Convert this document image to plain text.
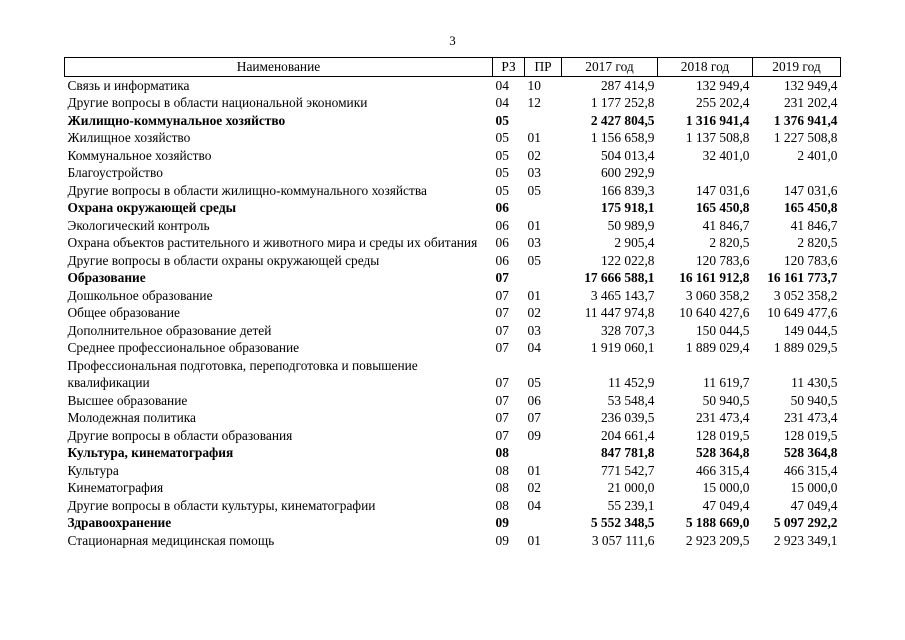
3
Наименование	РЗ	ПР	2017 год	2018 год	2019 год
Связь и информатика	04	10	287 414,9	132 949,4	132 949,4
Другие вопросы в области национальной экономики	04	12	1 177 252,8	255 202,4	231 202,4
Жилищно-коммунальное хозяйство	05		2 427 804,5	1 316 941,4	1 376 941,4
Жилищное хозяйство	05	01	1 156 658,9	1 137 508,8	1 227 508,8
Коммунальное хозяйство	05	02	504 013,4	32 401,0	2 401,0
Благоустройство	05	03	600 292,9		
Другие вопросы в области жилищно-коммунального хозяйства	05	05	166 839,3	147 031,6	147 031,6
Охрана окружающей среды	06		175 918,1	165 450,8	165 450,8
Экологический контроль	06	01	50 989,9	41 846,7	41 846,7
Охрана объектов растительного и животного мира и среды их обитания	06	03	2 905,4	2 820,5	2 820,5
Другие вопросы в области охраны окружающей среды	06	05	122 022,8	120 783,6	120 783,6
Образование	07		17 666 588,1	16 161 912,8	16 161 773,7
Дошкольное образование	07	01	3 465 143,7	3 060 358,2	3 052 358,2
Общее образование	07	02	11 447 974,8	10 640 427,6	10 649 477,6
Дополнительное образование детей	07	03	328 707,3	150 044,5	149 044,5
Среднее профессиональное образование	07	04	1 919 060,1	1 889 029,4	1 889 029,5
Профессиональная подготовка, переподготовка и повышение квалификации	07	05	11 452,9	11 619,7	11 430,5
Высшее образование	07	06	53 548,4	50 940,5	50 940,5
Молодежная политика	07	07	236 039,5	231 473,4	231 473,4
Другие вопросы в области образования	07	09	204 661,4	128 019,5	128 019,5
Культура, кинематография	08		847 781,8	528 364,8	528 364,8
Культура	08	01	771 542,7	466 315,4	466 315,4
Кинематография	08	02	21 000,0	15 000,0	15 000,0
Другие вопросы в области культуры, кинематографии	08	04	55 239,1	47 049,4	47 049,4
Здравоохранение	09		5 552 348,5	5 188 669,0	5 097 292,2
Стационарная медицинская помощь	09	01	3 057 111,6	2 923 209,5	2 923 349,1
